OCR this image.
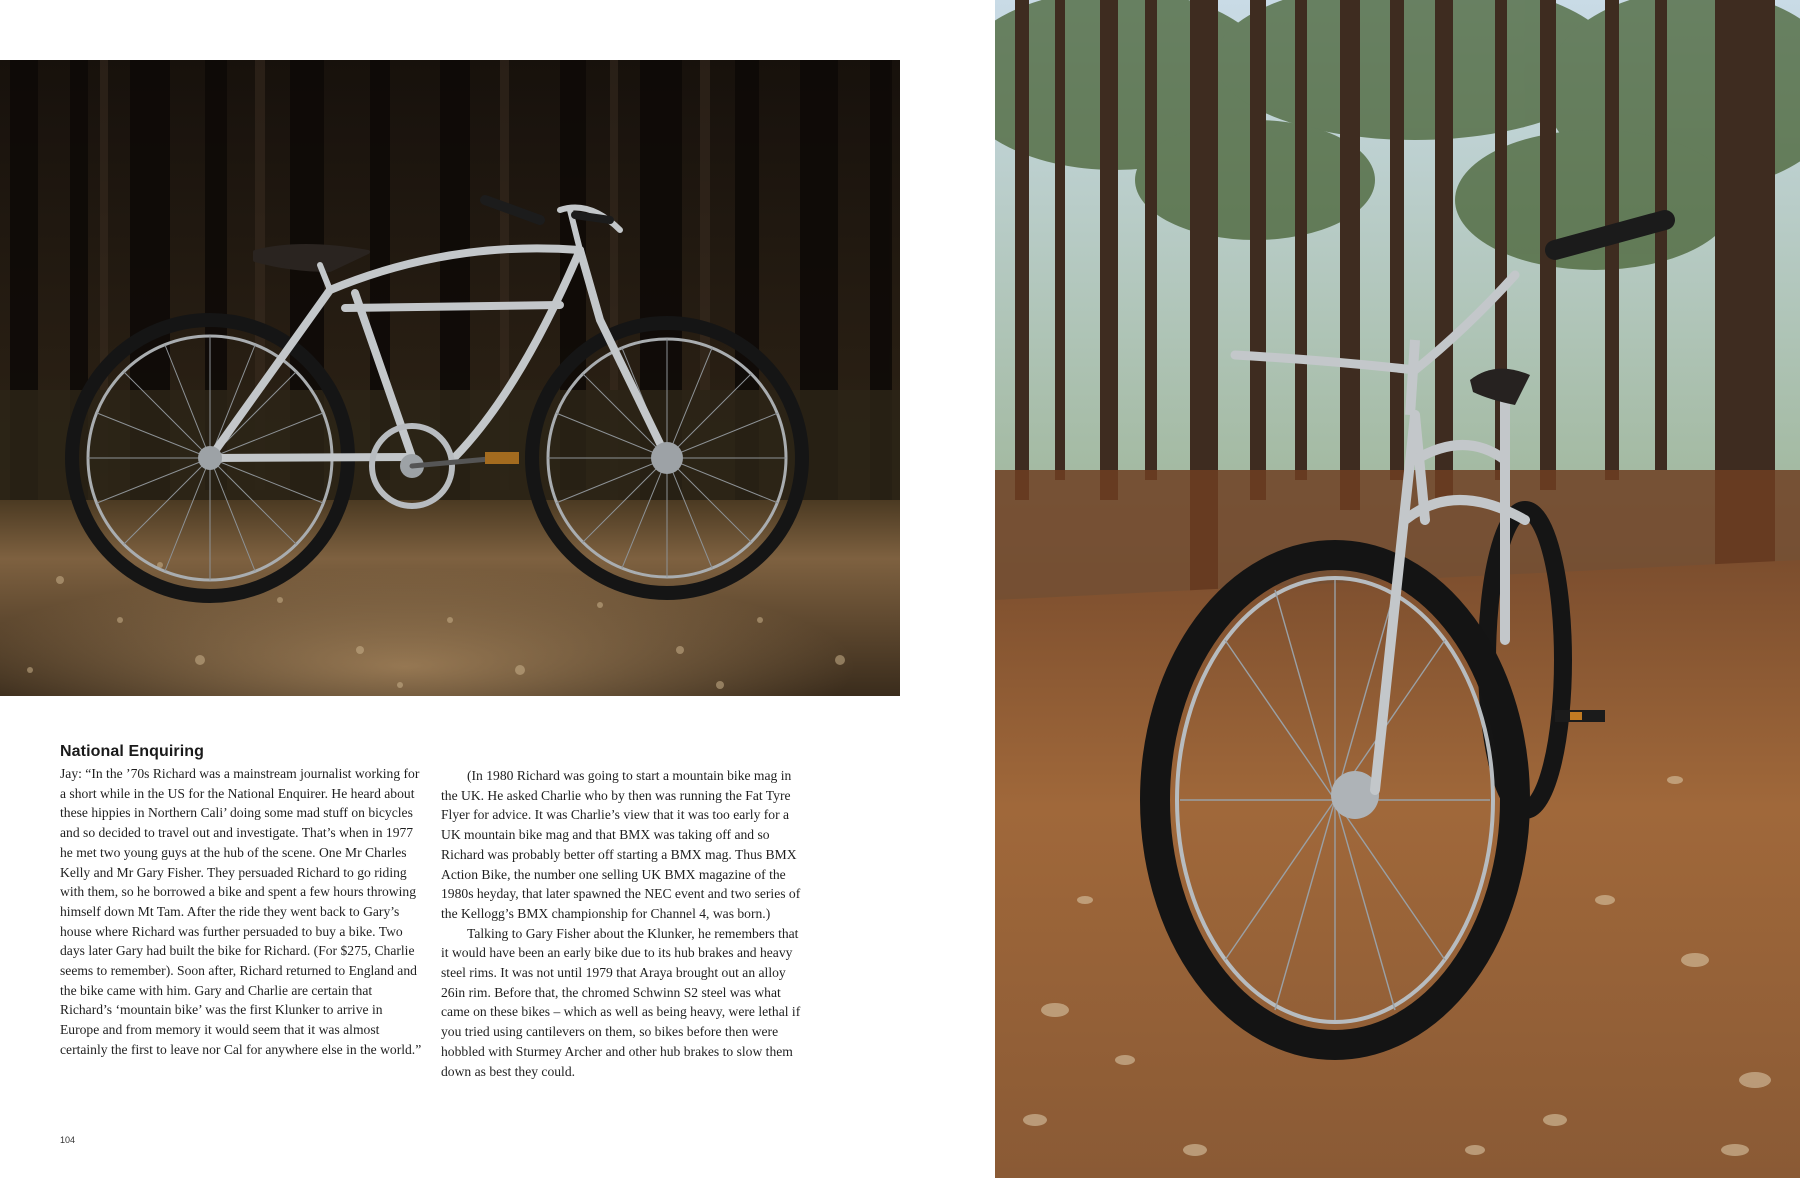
National Enquiring

Jay: “In the ’70s Richard was a mainstream journalist working for a short while in the US for the National Enquirer. He heard about these hippies in Northern Cali’ doing some mad stuff on bicycles and so decided to travel out and investigate. That’s when in 1977 he met two young guys at the hub of the scene. One Mr Charles Kelly and Mr Gary Fisher. They persuaded Richard to go riding with them, so he borrowed a bike and spent a few hours throwing himself down Mt Tam. After the ride they went back to Gary’s house where Richard was further persuaded to buy a bike. Two days later Gary had built the bike for Richard. (For $275, Charlie seems to remember). Soon after, Richard returned to England and the bike came with him. Gary and Charlie are certain that Richard’s ‘mountain bike’ was the first Klunker to arrive in Europe and from memory it would seem that it was almost certainly the first to leave nor Cal for anywhere else in the world.”

(In 1980 Richard was going to start a mountain bike mag in the UK. He asked Charlie who by then was running the Fat Tyre Flyer for advice. It was Charlie’s view that it was too early for a UK mountain bike mag and that BMX was taking off and so Richard was probably better off starting a BMX mag. Thus BMX Action Bike, the number one selling UK BMX magazine of the 1980s heyday, that later spawned the NEC event and two series of the Kellogg’s BMX championship for Channel 4, was born.)

Talking to Gary Fisher about the Klunker, he remembers that it would have been an early bike due to its hub brakes and heavy steel rims. It was not until 1979 that Araya brought out an alloy 26in rim. Before that, the chromed Schwinn S2 steel was what came on these bikes – which as well as being heavy, were lethal if you tried using cantilevers on them, so bikes before then were hobbled with Sturmey Archer and other hub brakes to slow them down as best they could.

104
